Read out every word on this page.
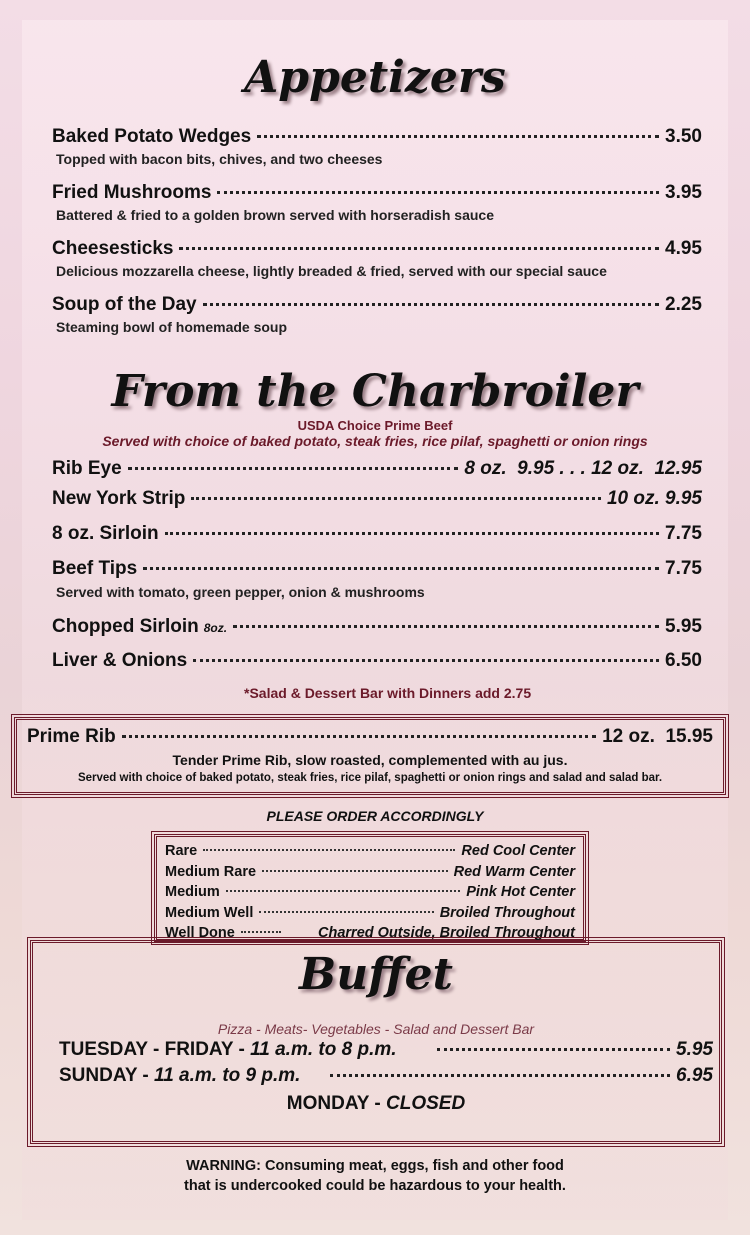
Appetizers
Baked Potato Wedges	3.50
Topped with bacon bits, chives, and two cheeses
Fried Mushrooms	3.95
Battered & fried to a golden brown served with horseradish sauce
Cheesesticks	4.95
Delicious mozzarella cheese, lightly breaded & fried, served with our special sauce
Soup of the Day	2.25
Steaming bowl of homemade soup
From the Charbroiler
USDA Choice Prime Beef
Served with choice of baked potato, steak fries, rice pilaf, spaghetti or onion rings
Rib Eye	8 oz.  9.95 . . . 12 oz.  12.95
New York Strip	10 oz. 9.95
8 oz. Sirloin	7.75
Beef Tips	7.75
Served with tomato, green pepper, onion & mushrooms
Chopped Sirloin 8oz.	5.95
Liver & Onions	6.50
*Salad & Dessert Bar with Dinners add 2.75
Prime Rib	12 oz.  15.95
Tender Prime Rib, slow roasted, complemented with au jus.
Served with choice of baked potato, steak fries, rice pilaf, spaghetti or onion rings and salad and salad bar.
PLEASE ORDER ACCORDINGLY
Rare	Red Cool Center
Medium Rare	Red Warm Center
Medium	Pink Hot Center
Medium Well	Broiled Throughout
Well Done	Charred Outside, Broiled Throughout
Buffet
Pizza - Meats- Vegetables - Salad and Dessert Bar
TUESDAY - FRIDAY - 11 a.m. to 8 p.m.	5.95
SUNDAY - 11 a.m. to 9 p.m.	6.95
MONDAY - CLOSED
WARNING: Consuming meat, eggs, fish and other food
that is undercooked could be hazardous to your health.
